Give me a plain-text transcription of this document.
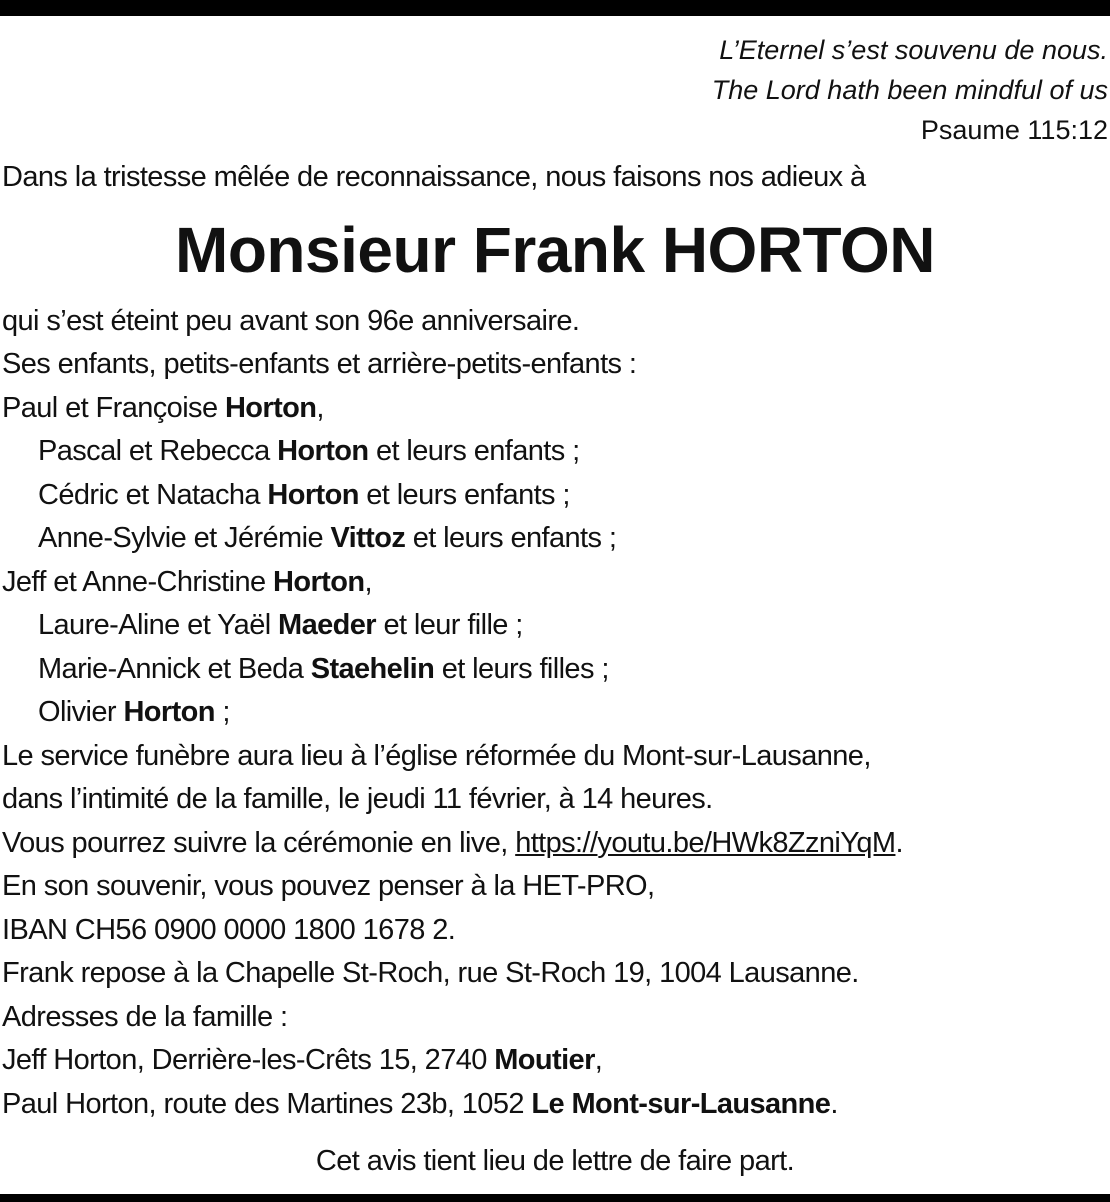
L’Eternel s’est souvenu de nous.
The Lord hath been mindful of us
Psaume 115:12
Dans la tristesse mêlée de reconnaissance, nous faisons nos adieux à
Monsieur Frank HORTON
qui s’est éteint peu avant son 96e anniversaire.
Ses enfants, petits-enfants et arrière-petits-enfants :
Paul et Françoise Horton,
Pascal et Rebecca Horton et leurs enfants ;
Cédric et Natacha Horton et leurs enfants ;
Anne-Sylvie et Jérémie Vittoz et leurs enfants ;
Jeff et Anne-Christine Horton,
Laure-Aline et Yaël Maeder et leur fille ;
Marie-Annick et Beda Staehelin et leurs filles ;
Olivier Horton ;
Le service funèbre aura lieu à l’église réformée du Mont-sur-Lausanne,
dans l’intimité de la famille, le jeudi 11 février, à 14 heures.
Vous pourrez suivre la cérémonie en live, https://youtu.be/HWk8ZzniYqM.
En son souvenir, vous pouvez penser à la HET-PRO,
IBAN CH56 0900 0000 1800 1678 2.
Frank repose à la Chapelle St-Roch, rue St-Roch 19, 1004 Lausanne.
Adresses de la famille :
Jeff Horton, Derrière-les-Crêts 15, 2740 Moutier,
Paul Horton, route des Martines 23b, 1052 Le Mont-sur-Lausanne.
Cet avis tient lieu de lettre de faire part.
